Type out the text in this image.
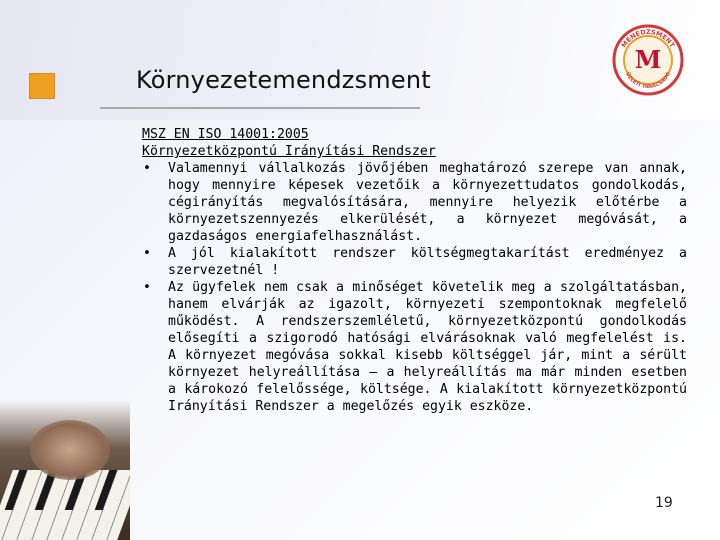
Környezetemendzsment
MENEDZSMENT
ÜZLETI TANÁCSADÓ
M
MSZ EN ISO 14001:2005
Környezetközpontú Irányítási Rendszer
• Valamennyi vállalkozás jövőjében meghatározó szerepe van annak, hogy mennyire képesek vezetőik a környezettudatos gondolkodás, cégirányítás megvalósítására, mennyire helyezik előtérbe a környezetszennyezés elkerülését, a környezet megóvását, a gazdaságos energiafelhasználást.
• A jól kialakított rendszer költségmegtakarítást eredményez a szervezetnél !
• Az ügyfelek nem csak a minőséget követelik meg a szolgáltatásban, hanem elvárják az igazolt, környezeti szempontoknak megfelelő működést. A rendszerszemléletű, környezetközpontú gondolkodás elősegíti a szigorodó hatósági elvárásoknak való megfelelést is. A környezet megóvása sokkal kisebb költséggel jár, mint a sérült környezet helyreállítása – a helyreállítás ma már minden esetben a károkozó felelőssége, költsége. A kialakított környezetközpontú Irányítási Rendszer a megelőzés egyik eszköze.
19
